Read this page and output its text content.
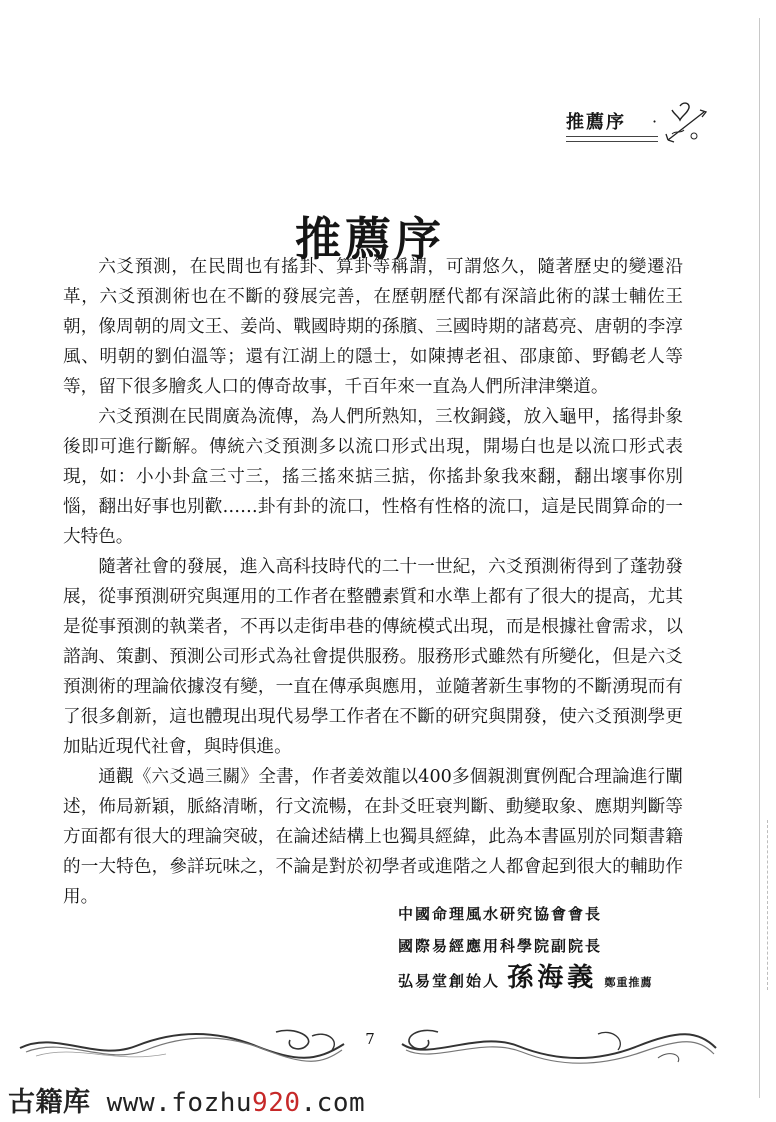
推薦序 ·
推薦序

六爻預測，在民間也有搖卦、算卦等稱謂，可謂悠久，隨著歷史的變遷沿革，六爻預測術也在不斷的發展完善，在歷朝歷代都有深諳此術的謀士輔佐王朝，像周朝的周文王、姜尚、戰國時期的孫臏、三國時期的諸葛亮、唐朝的李淳風、明朝的劉伯溫等；還有江湖上的隱士，如陳摶老祖、邵康節、野鶴老人等等，留下很多膾炙人口的傳奇故事，千百年來一直為人們所津津樂道。

六爻預測在民間廣為流傳，為人們所熟知，三枚銅錢，放入龜甲，搖得卦象後即可進行斷解。傳統六爻預測多以流口形式出現，開場白也是以流口形式表現，如：小小卦盒三寸三，搖三搖來掂三掂，你搖卦象我來翻，翻出壞事你別惱，翻出好事也別歡……卦有卦的流口，性格有性格的流口，這是民間算命的一大特色。

隨著社會的發展，進入高科技時代的二十一世紀，六爻預測術得到了蓬勃發展，從事預測研究與運用的工作者在整體素質和水準上都有了很大的提高，尤其是從事預測的執業者，不再以走街串巷的傳統模式出現，而是根據社會需求，以諮詢、策劃、預測公司形式為社會提供服務。服務形式雖然有所變化，但是六爻預測術的理論依據沒有變，一直在傳承與應用，並隨著新生事物的不斷湧現而有了很多創新，這也體現出現代易學工作者在不斷的研究與開發，使六爻預測學更加貼近現代社會，與時俱進。

通觀《六爻過三關》全書，作者姜效龍以400多個親測實例配合理論進行闡述，佈局新穎，脈絡清晰，行文流暢，在卦爻旺衰判斷、動變取象、應期判斷等方面都有很大的理論突破，在論述結構上也獨具經緯，此為本書區別於同類書籍的一大特色，參詳玩味之，不論是對於初學者或進階之人都會起到很大的輔助作用。

中國命理風水研究協會會長
國際易經應用科學院副院長
弘易堂創始人 孫海義 鄭重推薦
7
古籍库 www.fozhu920.com
